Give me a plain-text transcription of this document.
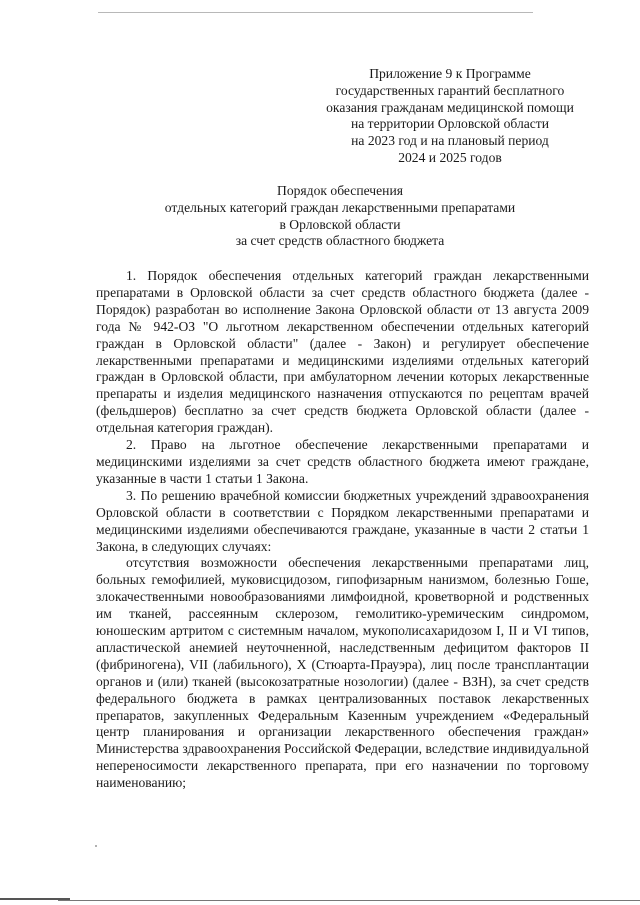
Приложение 9 к Программе
государственных гарантий бесплатного
оказания гражданам медицинской помощи
на территории Орловской области
на 2023 год и на плановый период
2024 и 2025 годов
Порядок обеспечения
отдельных категорий граждан лекарственными препаратами
в Орловской области
за счет средств областного бюджета

1. Порядок обеспечения отдельных категорий граждан лекарственными препаратами в Орловской области за счет средств областного бюджета (далее - Порядок) разработан во исполнение Закона Орловской области от 13 августа 2009 года № 942-ОЗ "О льготном лекарственном обеспечении отдельных категорий граждан в Орловской области" (далее - Закон) и регулирует обеспечение лекарственными препаратами и медицинскими изделиями отдельных категорий граждан в Орловской области, при амбулаторном лечении которых лекарственные препараты и изделия медицинского назначения отпускаются по рецептам врачей (фельдшеров) бесплатно за счет средств бюджета Орловской области (далее - отдельная категория граждан).

2. Право на льготное обеспечение лекарственными препаратами и медицинскими изделиями за счет средств областного бюджета имеют граждане, указанные в части 1 статьи 1 Закона.

3. По решению врачебной комиссии бюджетных учреждений здравоохранения Орловской области в соответствии с Порядком лекарственными препаратами и медицинскими изделиями обеспечиваются граждане, указанные в части 2 статьи 1 Закона, в следующих случаях:

отсутствия возможности обеспечения лекарственными препаратами лиц, больных гемофилией, муковисцидозом, гипофизарным нанизмом, болезнью Гоше, злокачественными новообразованиями лимфоидной, кроветворной и родственных им тканей, рассеянным склерозом, гемолитико-уремическим синдромом, юношеским артритом с системным началом, мукополисахаридозом I, II и VI типов, апластической анемией неуточненной, наследственным дефицитом факторов II (фибриногена), VII (лабильного), X (Стюарта-Прауэра), лиц после трансплантации органов и (или) тканей (высокозатратные нозологии) (далее - ВЗН), за счет средств федерального бюджета в рамках централизованных поставок лекарственных препаратов, закупленных Федеральным Казенным учреждением «Федеральный центр планирования и организации лекарственного обеспечения граждан» Министерства здравоохранения Российской Федерации, вследствие индивидуальной непереносимости лекарственного препарата, при его назначении по торговому наименованию;
